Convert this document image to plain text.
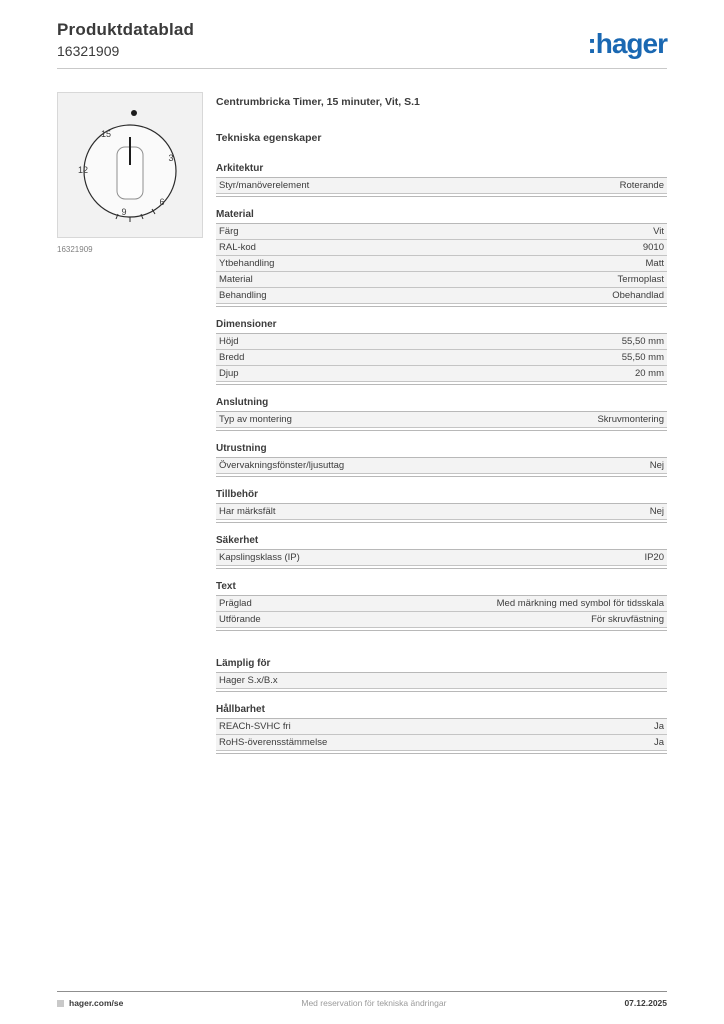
Produktdatablad
16321909	:hager
15
3
6
9
12
16321909
Centrumbricka Timer, 15 minuter, Vit, S.1
Tekniska egenskaper
Arkitektur
Styr/manöverelement	Roterande
Material
Färg	Vit
RAL-kod	9010
Ytbehandling	Matt
Material	Termoplast
Behandling	Obehandlad
Dimensioner
Höjd	55,50 mm
Bredd	55,50 mm
Djup	20 mm
Anslutning
Typ av montering	Skruvmontering
Utrustning
Övervakningsfönster/ljusuttag	Nej
Tillbehör
Har märksfält	Nej
Säkerhet
Kapslingsklass (IP)	IP20
Text
Präglad	Med märkning med symbol för tidsskala
Utförande	För skruvfästning
Lämplig för
Hager S.x/B.x
Hållbarhet
REACh-SVHC fri	Ja
RoHS-överensstämmelse	Ja
hager.com/se	Med reservation för tekniska ändringar	07.12.2025
